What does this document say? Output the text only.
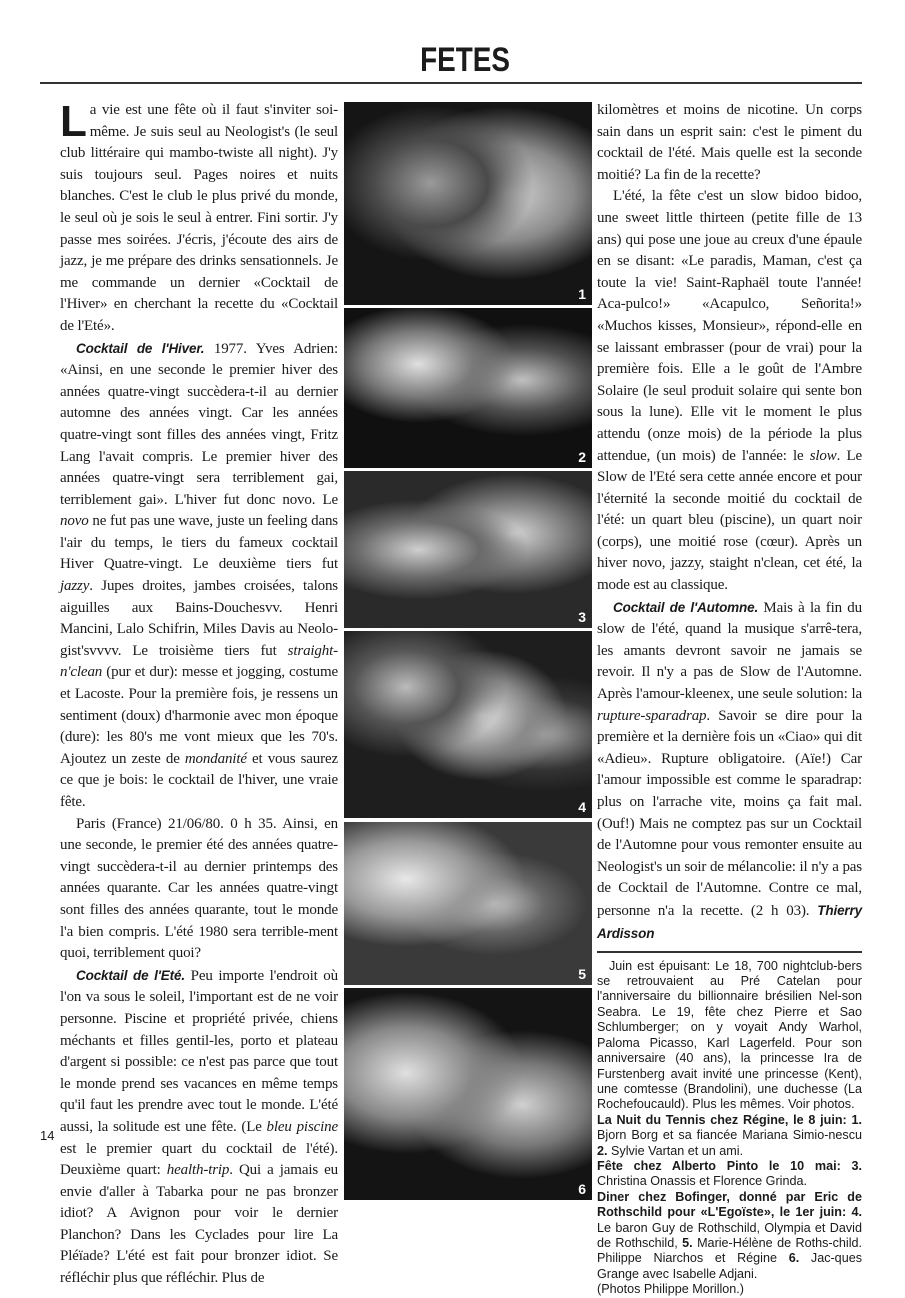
FETES

La vie est une fête où il faut s'inviter soi-même. Je suis seul au Neologist's (le seul club littéraire qui mambo-twiste all night). J'y suis toujours seul. Pages noires et nuits blanches. C'est le club le plus privé du monde, le seul où je sois le seul à entrer. Fini sortir. J'y passe mes soirées. J'écris, j'écoute des airs de jazz, je me prépare des drinks sensationnels. Je me commande un dernier «Cocktail de l'Hiver» en cherchant la recette du «Cocktail de l'Eté».

Cocktail de l'Hiver. 1977. Yves Adrien: «Ainsi, en une seconde le premier hiver des années quatre-vingt succèdera-t-il au dernier automne des années vingt. Car les années quatre-vingt sont filles des années vingt, Fritz Lang l'avait compris. Le premier hiver des années quatre-vingt sera terriblement gai, terriblement gai». L'hiver fut donc novo. Le novo ne fut pas une wave, juste un feeling dans l'air du temps, le tiers du fameux cocktail Hiver Quatre-vingt. Le deuxième tiers fut jazzy. Jupes droites, jambes croisées, talons aiguilles aux Bains-Douchesvv. Henri Mancini, Lalo Schifrin, Miles Davis au Neolo-gist'svvvv. Le troisième tiers fut straight-n'clean (pur et dur): messe et jogging, costume et Lacoste. Pour la première fois, je ressens un sentiment (doux) d'harmonie avec mon époque (dure): les 80's me vont mieux que les 70's. Ajoutez un zeste de mondanité et vous saurez ce que je bois: le cocktail de l'hiver, une vraie fête.

Paris (France) 21/06/80. 0 h 35. Ainsi, en une seconde, le premier été des années quatre-vingt succèdera-t-il au dernier printemps des années quarante. Car les années quatre-vingt sont filles des années quarante, tout le monde l'a bien compris. L'été 1980 sera terrible-ment quoi, terriblement quoi?

Cocktail de l'Eté. Peu importe l'endroit où l'on va sous le soleil, l'important est de ne voir personne. Piscine et propriété privée, chiens méchants et filles gentil-les, porto et plateau d'argent si possible: ce n'est pas parce que tout le monde prend ses vacances en même temps qu'il faut les prendre avec tout le monde. L'été aussi, la solitude est une fête. (Le bleu piscine est le premier quart du cocktail de l'été). Deuxième quart: health-trip. Qui a jamais eu envie d'aller à Tabarka pour ne pas bronzer idiot? A Avignon pour voir le dernier Planchon? Dans les Cyclades pour lire La Pléïade? L'été est fait pour bronzer idiot. Se réfléchir plus que réfléchir. Plus de

kilomètres et moins de nicotine. Un corps sain dans un esprit sain: c'est le piment du cocktail de l'été. Mais quelle est la seconde moitié? La fin de la recette?

L'été, la fête c'est un slow bidoo bidoo, une sweet little thirteen (petite fille de 13 ans) qui pose une joue au creux d'une épaule en se disant: «Le paradis, Maman, c'est ça toute la vie! Saint-Raphaël toute l'année! Aca-pulco!» «Acapulco, Señorita!» «Muchos kisses, Monsieur», répond-elle en se laissant embrasser (pour de vrai) pour la première fois. Elle a le goût de l'Ambre Solaire (le seul produit solaire qui sente bon sous la lune). Elle vit le moment le plus attendu (onze mois) de la période la plus attendue, (un mois) de l'année: le slow. Le Slow de l'Eté sera cette année encore et pour l'éternité la seconde moitié du cocktail de l'été: un quart bleu (piscine), un quart noir (corps), une moitié rose (cœur). Après un hiver novo, jazzy, staight n'clean, cet été, la mode est au classique.

Cocktail de l'Automne. Mais à la fin du slow de l'été, quand la musique s'arrê-tera, les amants devront savoir ne jamais se revoir. Il n'y a pas de Slow de l'Automne. Après l'amour-kleenex, une seule solution: la rupture-sparadrap. Savoir se dire pour la première et la dernière fois un «Ciao» qui dit «Adieu». Rupture obligatoire. (Aïe!) Car l'amour impossible est comme le sparadrap: plus on l'arrache vite, moins ça fait mal. (Ouf!) Mais ne comptez pas sur un Cocktail de l'Automne pour vous remonter ensuite au Neologist's un soir de mélancolie: il n'y a pas de Cocktail de l'Automne. Contre ce mal, personne n'a la recette. (2 h 03). Thierry Ardisson

Juin est épuisant: Le 18, 700 nightclub-bers se retrouvaient au Pré Catelan pour l'anniversaire du billionnaire brésilien Nel-son Seabra. Le 19, fête chez Pierre et Sao Schlumberger; on y voyait Andy Warhol, Paloma Picasso, Karl Lagerfeld. Pour son anniversaire (40 ans), la princesse Ira de Furstenberg avait invité une princesse (Kent), une comtesse (Brandolini), une duchesse (La Rochefoucauld). Plus les mêmes. Voir photos.

La Nuit du Tennis chez Régine, le 8 juin: 1. Bjorn Borg et sa fiancée Mariana Simio-nescu 2. Sylvie Vartan et un ami.

Fête chez Alberto Pinto le 10 mai: 3. Christina Onassis et Florence Grinda.

Diner chez Bofinger, donné par Eric de Rothschild pour «L'Egoïste», le 1er juin: 4. Le baron Guy de Rothschild, Olympia et David de Rothschild, 5. Marie-Hélène de Roths-child. Philippe Niarchos et Régine 6. Jac-ques Grange avec Isabelle Adjani.

(Photos Philippe Morillon.)

1
2
3
4
5
6
14
